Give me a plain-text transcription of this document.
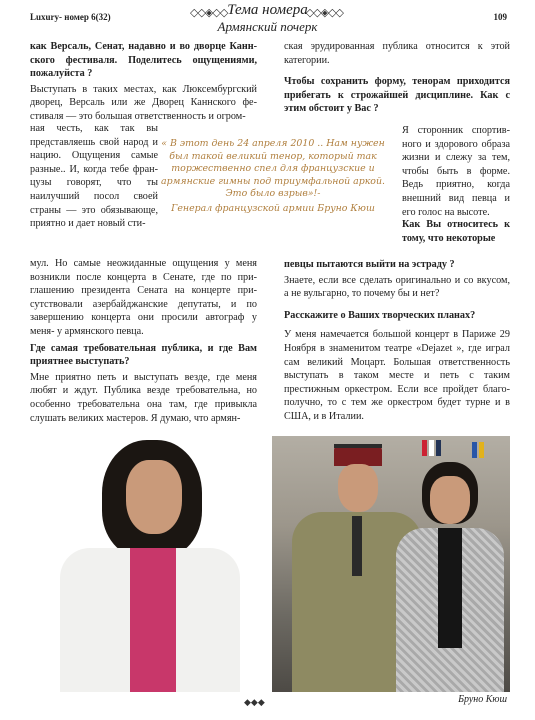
Luxury- номер 6(32)	◇◇◈◇◇ Тема номера
Армянский почерк
◇◇◈◇◇	109

как Версаль, Сенат, надавно и во дворце Каннского фестиваля. Поделитесь ощущениями, пожалуйста ?

Выступать в таких местах, как Люксембургский дворец, Версаль или же Дворец Каннского фестиваля — это большая ответственность и огром-

ная честь, как так вы представляешь свой народ и нацию. Ощущения самые разные.. И, когда тебе французы говорят, что ты наилучший посол своей страны — это обязывающе, приятно и дает новый сти-
« В этот день 24 апреля 2010 .. Нам нужен был такой великий тенор, который так торжественно спел для французские и армянские гимны под триумфальной аркой. Это было взрыв»!-
Генерал французской армии Бруно Кюш

мул. Но самые неожиданные ощущения у меня возникли после концерта в Сенате, где по приглашению президента Сената на концерте присутствовали азербайджанские депутаты, и по завершению концерта они просили автограф у меня- у армянского певца.

Где самая требовательная публика, и где Вам приятнее выступать?

Мне приятно петь и выступать везде, где меня любят и ждут. Публика везде требовательна, но особенно требовательна она там, где привыкла слушать великих мастеров. Я думаю, что армян-

ская эрудированная публика относится к этой категории.

Чтобы сохранить форму, тенорам приходится прибегать к строжайшей дисциплине. Как с этим обстоит у Вас ?

Я сторонник спортивного и здорового образа жизни и слежу за тем, чтобы быть в форме. Ведь приятно, когда внешний вид певца и его голос на высоте.
Как Вы относитесь к тому, что некоторые

певцы пытаются выйти на эстраду ?

Знаете, если все сделать оригинально и со вкусом, а не вульгарно, то почему бы и нет?

Расскажите о Ваших творческих планах?

У меня намечается большой концерт в Париже 29 Ноября в знаменитом театре «Dejazet », где играл сам великий Моцарт. Большая ответственность выступать в таком месте и петь с таким престижным оркестром. Если все пройдет благополучно, то с тем же оркестром будет турне и в США, и в Италии.

◆◆◆	Бруно Кюш
